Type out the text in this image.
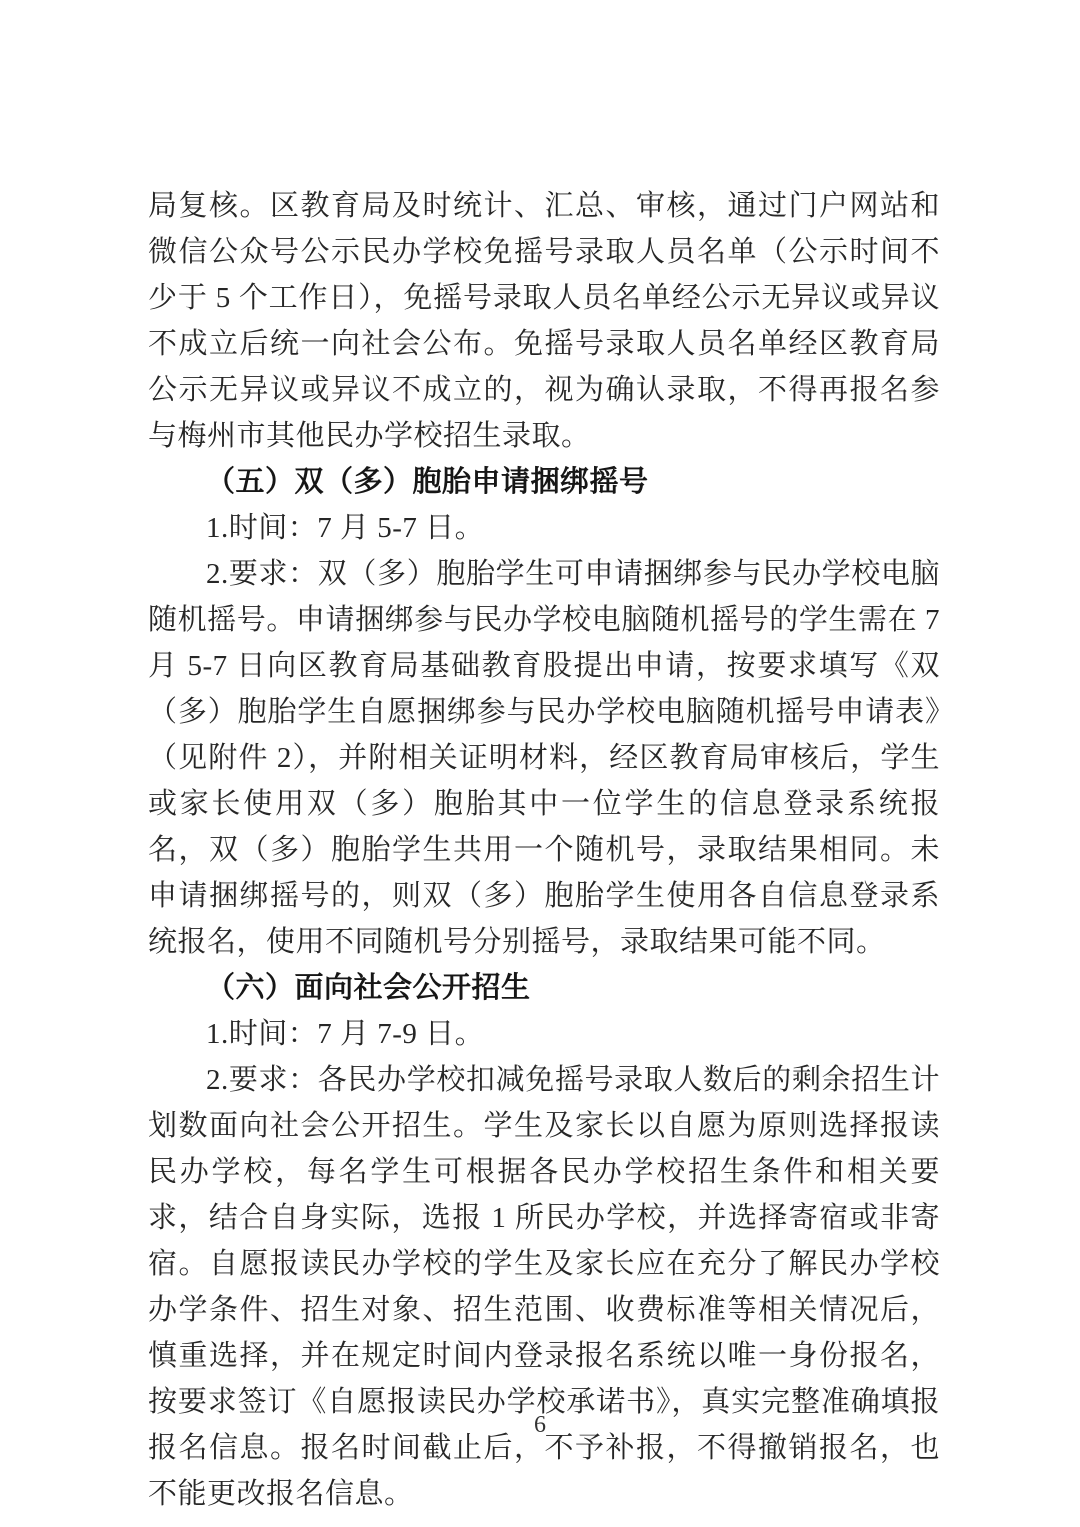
局复核。区教育局及时统计、汇总、审核，通过门户网站和微信公众号公示民办学校免摇号录取人员名单（公示时间不少于 5 个工作日），免摇号录取人员名单经公示无异议或异议不成立后统一向社会公布。免摇号录取人员名单经区教育局公示无异议或异议不成立的，视为确认录取，不得再报名参与梅州市其他民办学校招生录取。

（五）双（多）胞胎申请捆绑摇号

1.时间：7 月 5-7 日。

2.要求：双（多）胞胎学生可申请捆绑参与民办学校电脑随机摇号。申请捆绑参与民办学校电脑随机摇号的学生需在 7 月 5-7 日向区教育局基础教育股提出申请，按要求填写《双（多）胞胎学生自愿捆绑参与民办学校电脑随机摇号申请表》（见附件 2），并附相关证明材料，经区教育局审核后，学生或家长使用双（多）胞胎其中一位学生的信息登录系统报名，双（多）胞胎学生共用一个随机号，录取结果相同。未申请捆绑摇号的，则双（多）胞胎学生使用各自信息登录系统报名，使用不同随机号分别摇号，录取结果可能不同。

（六）面向社会公开招生

1.时间：7 月 7-9 日。

2.要求：各民办学校扣减免摇号录取人数后的剩余招生计划数面向社会公开招生。学生及家长以自愿为原则选择报读民办学校，每名学生可根据各民办学校招生条件和相关要求，结合自身实际，选报 1 所民办学校，并选择寄宿或非寄宿。自愿报读民办学校的学生及家长应在充分了解民办学校办学条件、招生对象、招生范围、收费标准等相关情况后，慎重选择，并在规定时间内登录报名系统以唯一身份报名，按要求签订《自愿报读民办学校承诺书》，真实完整准确填报报名信息。报名时间截止后，不予补报，不得撤销报名，也不能更改报名信息。

6
